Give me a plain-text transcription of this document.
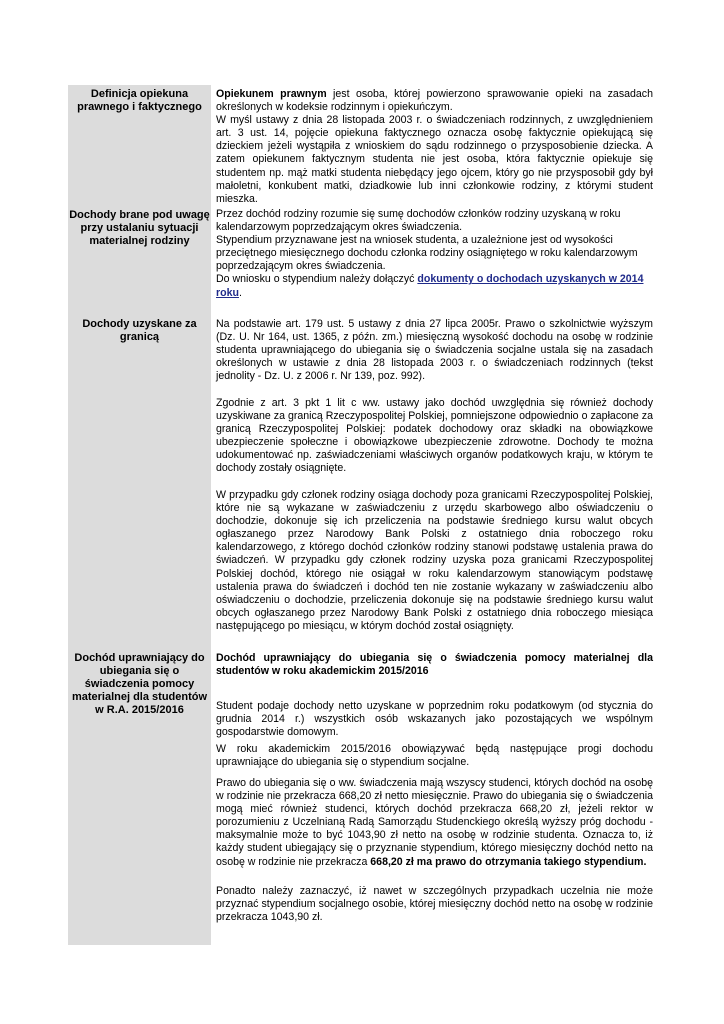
Definicja opiekuna prawnego i faktycznego

Opiekunem prawnym jest osoba, której powierzono sprawowanie opieki na zasadach określonych w kodeksie rodzinnym i opiekuńczym.

W myśl ustawy z dnia 28 listopada 2003 r. o świadczeniach rodzinnych, z uwzględnieniem art. 3 ust. 14, pojęcie opiekuna faktycznego oznacza osobę faktycznie opiekującą się dzieckiem jeżeli wystąpiła z wnioskiem do sądu rodzinnego o przysposobienie dziecka. A zatem opiekunem faktycznym studenta nie jest osoba, która faktycznie opiekuje się studentem np. mąż matki studenta niebędący jego ojcem, który go nie przysposobił gdy był małoletni, konkubent matki, dziadkowie lub inni członkowie rodziny, z którymi student mieszka.

Dochody brane pod uwagę przy ustalaniu sytuacji materialnej rodziny

Przez dochód rodziny rozumie się sumę dochodów członków rodziny uzyskaną w roku kalendarzowym poprzedzającym okres świadczenia.

Stypendium przyznawane jest na wniosek studenta, a uzależnione jest od wysokości przeciętnego miesięcznego dochodu członka rodziny osiągniętego w roku kalendarzowym poprzedzającym okres świadczenia.

Do wniosku o stypendium należy dołączyć dokumenty o dochodach uzyskanych w 2014 roku.

Dochody uzyskane za granicą

Na podstawie art. 179 ust. 5 ustawy z dnia 27 lipca 2005r. Prawo o szkolnictwie wyższym (Dz. U. Nr 164, ust. 1365, z późn. zm.) miesięczną wysokość dochodu na osobę w rodzinie studenta uprawniającego do ubiegania się o świadczenia socjalne ustala się na zasadach określonych w ustawie z dnia 28 listopada 2003 r. o świadczeniach rodzinnych (tekst jednolity - Dz. U. z 2006 r. Nr 139, poz. 992).

Zgodnie z art. 3 pkt 1 lit c ww. ustawy jako dochód uwzględnia się również dochody uzyskiwane za granicą Rzeczypospolitej Polskiej, pomniejszone odpowiednio o zapłacone za granicą Rzeczypospolitej Polskiej: podatek dochodowy oraz składki na obowiązkowe ubezpieczenie społeczne i obowiązkowe ubezpieczenie zdrowotne. Dochody te można udokumentować np. zaświadczeniami właściwych organów podatkowych kraju, w którym te dochody zostały osiągnięte.

W przypadku gdy członek rodziny osiąga dochody poza granicami Rzeczypospolitej Polskiej, które nie są wykazane w zaświadczeniu z urzędu skarbowego albo oświadczeniu o dochodzie, dokonuje się ich przeliczenia na podstawie średniego kursu walut obcych ogłaszanego przez Narodowy Bank Polski z ostatniego dnia roboczego roku kalendarzowego, z którego dochód członków rodziny stanowi podstawę ustalenia prawa do świadczeń. W przypadku gdy członek rodziny uzyska poza granicami Rzeczypospolitej Polskiej dochód, którego nie osiągał w roku kalendarzowym stanowiącym podstawę ustalenia prawa do świadczeń i dochód ten nie zostanie wykazany w zaświadczeniu albo oświadczeniu o dochodzie, przeliczenia dokonuje się na podstawie średniego kursu walut obcych ogłaszanego przez Narodowy Bank Polski z ostatniego dnia roboczego miesiąca następującego po miesiącu, w którym dochód został osiągnięty.

Dochód uprawniający do ubiegania się o świadczenia pomocy materialnej dla studentów w R.A. 2015/2016

Dochód uprawniający do ubiegania się o świadczenia pomocy materialnej dla studentów w roku akademickim 2015/2016

Student podaje dochody netto uzyskane w poprzednim roku podatkowym (od stycznia do grudnia 2014 r.) wszystkich osób wskazanych jako pozostających we wspólnym gospodarstwie domowym.

W roku akademickim 2015/2016 obowiązywać będą następujące progi dochodu uprawniające do ubiegania się o stypendium socjalne.

Prawo do ubiegania się o ww. świadczenia mają wszyscy studenci, których dochód na osobę w rodzinie nie przekracza 668,20 zł netto miesięcznie. Prawo do ubiegania się o świadczenia mogą mieć również studenci, których dochód przekracza 668,20 zł, jeżeli rektor w porozumieniu z Uczelnianą Radą Samorządu Studenckiego określą wyższy próg dochodu - maksymalnie może to być 1043,90 zł netto na osobę w rodzinie studenta. Oznacza to, iż każdy student ubiegający się o przyznanie stypendium, którego miesięczny dochód netto na osobę w rodzinie nie przekracza 668,20 zł ma prawo do otrzymania takiego stypendium.

Ponadto należy zaznaczyć, iż nawet w szczególnych przypadkach uczelnia nie może przyznać stypendium socjalnego osobie, której miesięczny dochód netto na osobę w rodzinie przekracza 1043,90 zł.
